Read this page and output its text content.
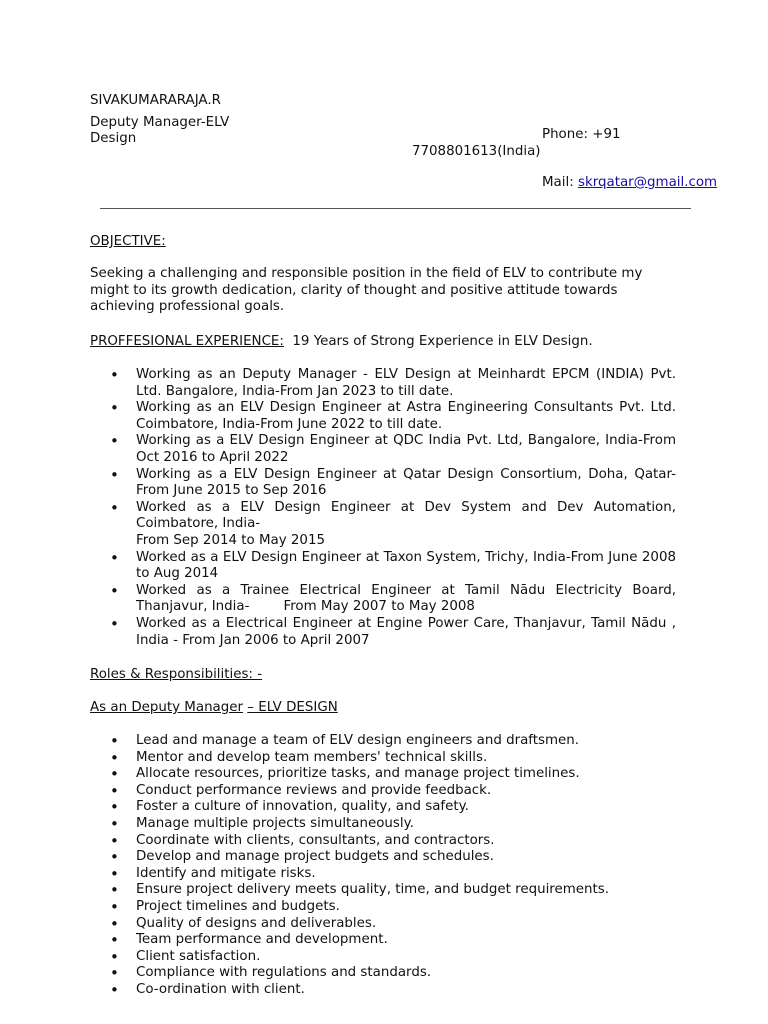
SIVAKUMARARAJA.R

Deputy Manager-ELV

Design	Phone: +91

7708801613(India)

Mail: skrqatar@gmail.com

OBJECTIVE:

Seeking a challenging and responsible position in the field of ELV to contribute my might to its growth dedication, clarity of thought and positive attitude towards achieving professional goals.

PROFFESIONAL EXPERIENCE: 19 Years of Strong Experience in ELV Design.

• Working as an Deputy Manager - ELV Design at Meinhardt EPCM (INDIA) Pvt. Ltd. Bangalore, India-From Jan 2023 to till date.
• Working as an ELV Design Engineer at Astra Engineering Consultants Pvt. Ltd. Coimbatore, India-From June 2022 to till date.
• Working as a ELV Design Engineer at QDC India Pvt. Ltd, Bangalore, India-From Oct 2016 to April 2022
• Working as a ELV Design Engineer at Qatar Design Consortium, Doha, Qatar-From June 2015 to Sep 2016
• Worked as a ELV Design Engineer at Dev System and Dev Automation, Coimbatore, India-
From Sep 2014 to May 2015
• Worked as a ELV Design Engineer at Taxon System, Trichy, India-From June 2008 to Aug 2014
• Worked as a Trainee Electrical Engineer at Tamil Nādu Electricity Board, Thanjavur, India-	From May 2007 to May 2008
• Worked as a Electrical Engineer at Engine Power Care, Thanjavur, Tamil Nādu , India - From Jan 2006 to April 2007

Roles & Responsibilities: -

As an Deputy Manager – ELV DESIGN

• Lead and manage a team of ELV design engineers and draftsmen.
• Mentor and develop team members' technical skills.
• Allocate resources, prioritize tasks, and manage project timelines.
• Conduct performance reviews and provide feedback.
• Foster a culture of innovation, quality, and safety.
• Manage multiple projects simultaneously.
• Coordinate with clients, consultants, and contractors.
• Develop and manage project budgets and schedules.
• Identify and mitigate risks.
• Ensure project delivery meets quality, time, and budget requirements.
• Project timelines and budgets.
• Quality of designs and deliverables.
• Team performance and development.
• Client satisfaction.
• Compliance with regulations and standards.
• Co-ordination with client.
